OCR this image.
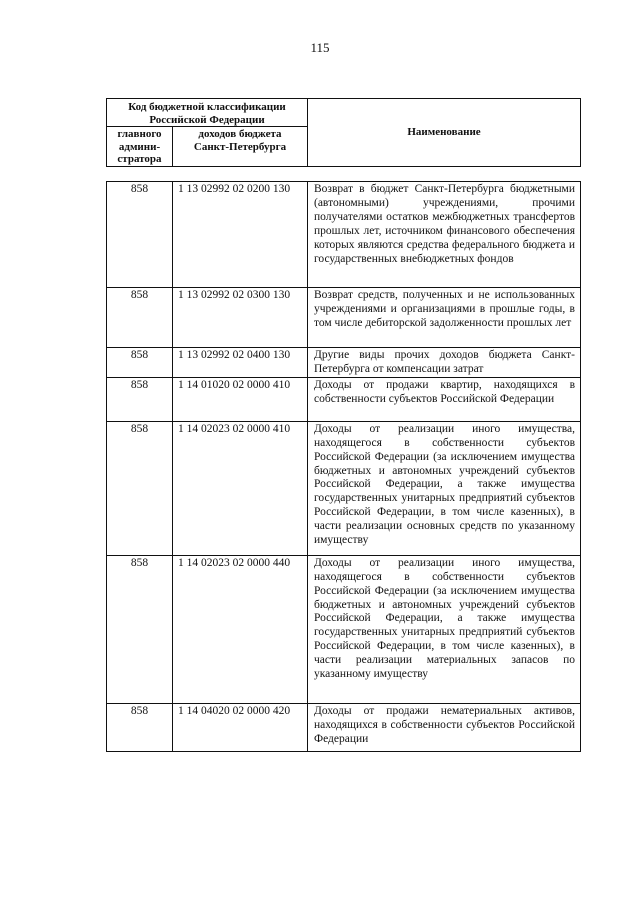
115
Код бюджетной классификации Российской Федерации		Наименование
главного админи-стратора	доходов бюджета Санкт-Петербурга	
858	1 13 02992 02 0200 130	Возврат в бюджет Санкт-Петербурга бюджетными (автономными) учреждениями, прочими получателями остатков межбюджетных трансфертов прошлых лет, источником финансового обеспечения которых являются средства федерального бюджета и государственных внебюджетных фондов
858	1 13 02992 02 0300 130	Возврат средств, полученных и не использованных учреждениями и организациями в прошлые годы, в том числе дебиторской задолженности прошлых лет
858	1 13 02992 02 0400 130	Другие виды прочих доходов бюджета Санкт-Петербурга от компенсации затрат
858	1 14 01020 02 0000 410	Доходы от продажи квартир, находящихся в собственности субъектов Российской Федерации
858	1 14 02023 02 0000 410	Доходы от реализации иного имущества, находящегося в собственности субъектов Российской Федерации (за исключением имущества бюджетных и автономных учреждений субъектов Российской Федерации, а также имущества государственных унитарных предприятий субъектов Российской Федерации, в том числе казенных), в части реализации основных средств по указанному имуществу
858	1 14 02023 02 0000 440	Доходы от реализации иного имущества, находящегося в собственности субъектов Российской Федерации (за исключением имущества бюджетных и автономных учреждений субъектов Российской Федерации, а также имущества государственных унитарных предприятий субъектов Российской Федерации, в том числе казенных), в части реализации материальных запасов по указанному имуществу
858	1 14 04020 02 0000 420	Доходы от продажи нематериальных активов, находящихся в собственности субъектов Российской Федерации
